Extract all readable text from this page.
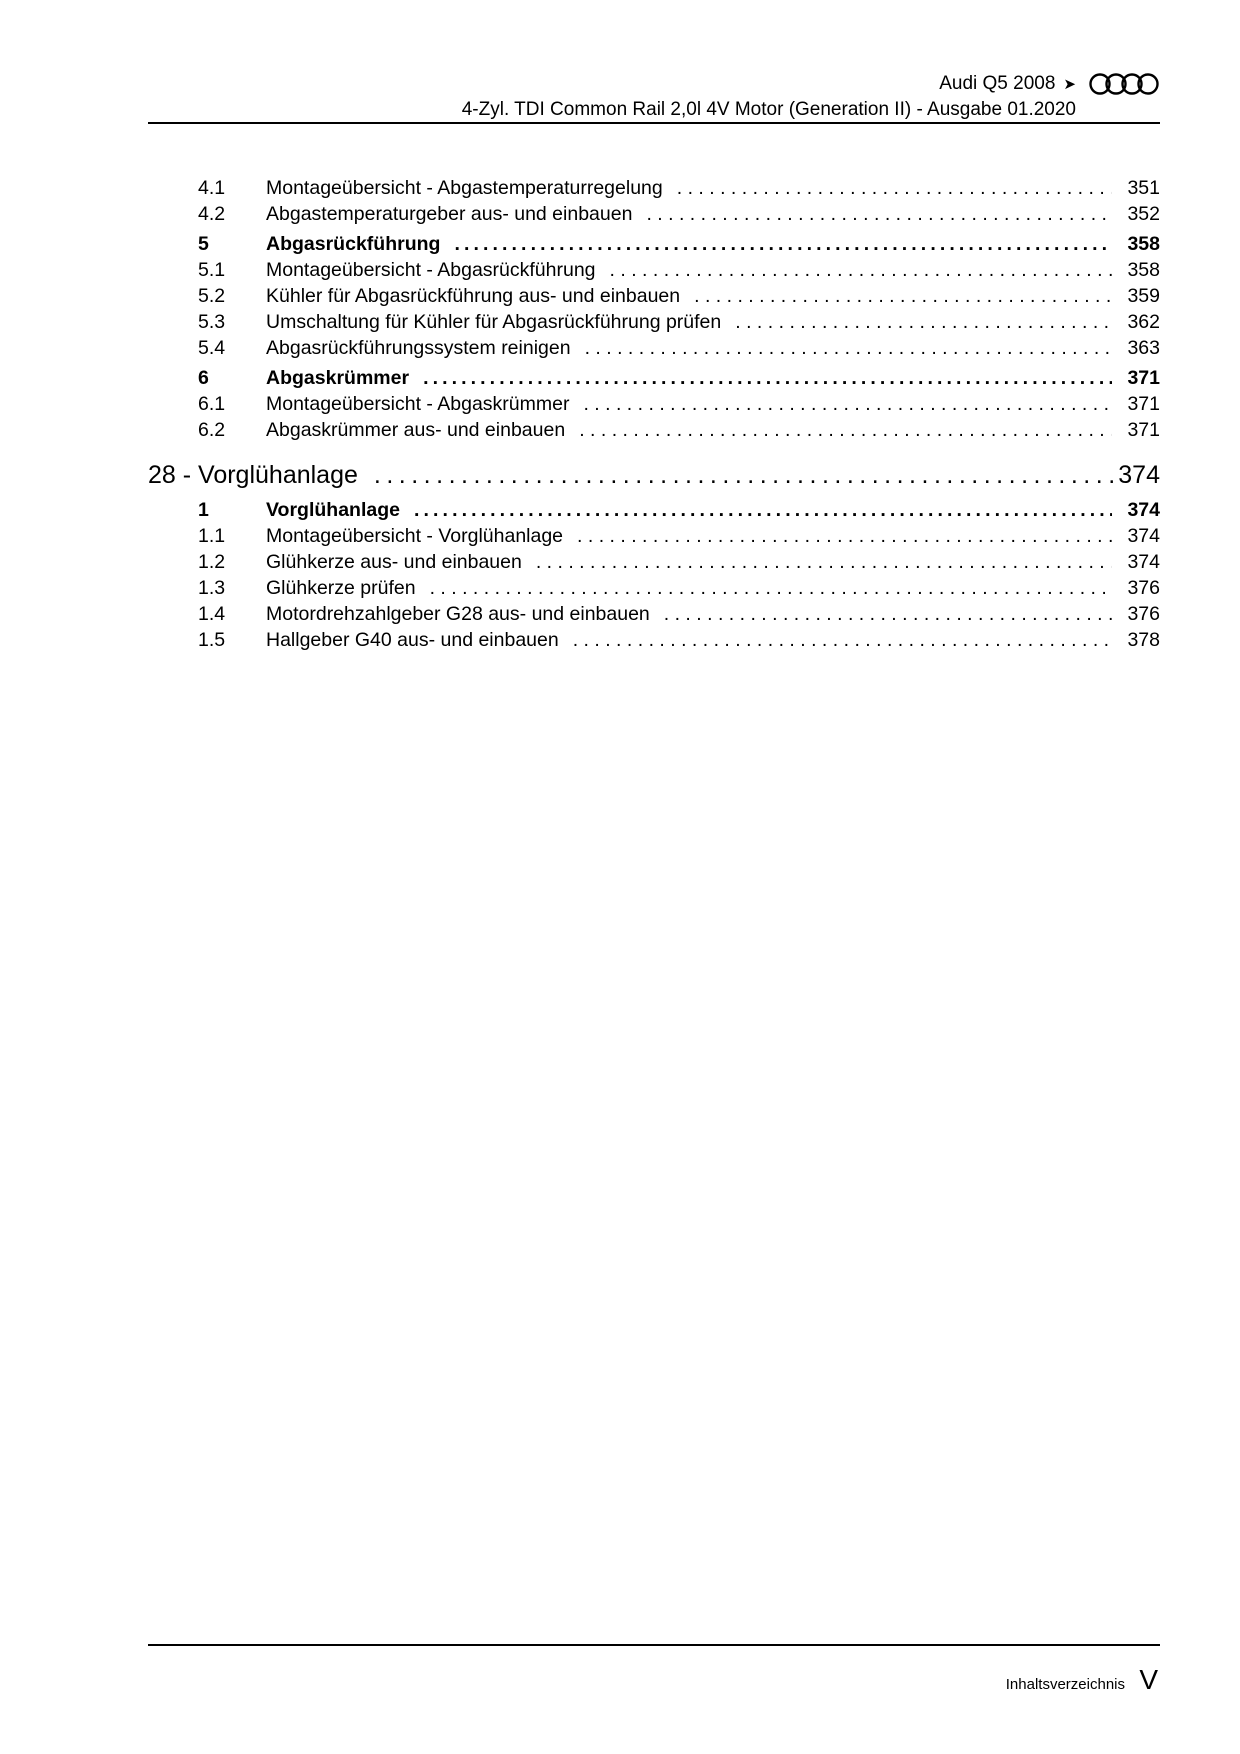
Audi Q5 2008 ➤
4-Zyl. TDI Common Rail 2,0l 4V Motor (Generation II) - Ausgabe 01.2020
4.1	Montageübersicht - Abgastemperaturregelung . . .	351
4.2	Abgastemperaturgeber aus- und einbauen . . .	352
5	Abgasrückführung .....	358
5.1	Montageübersicht - Abgasrückführung . . .	358
5.2	Kühler für Abgasrückführung aus- und einbauen . . .	359
5.3	Umschaltung für Kühler für Abgasrückführung prüfen . . .	362
5.4	Abgasrückführungssystem reinigen . . .	363
6	Abgaskrümmer .....	371
6.1	Montageübersicht - Abgaskrümmer . . .	371
6.2	Abgaskrümmer aus- und einbauen . . .	371
28 - Vorglühanlage .....	374
1	Vorglühanlage .....	374
1.1	Montageübersicht - Vorglühanlage . . .	374
1.2	Glühkerze aus- und einbauen . . .	374
1.3	Glühkerze prüfen . . .	376
1.4	Motordrehzahlgeber G28 aus- und einbauen . . .	376
1.5	Hallgeber G40 aus- und einbauen . . .	378
Inhaltsverzeichnis V
